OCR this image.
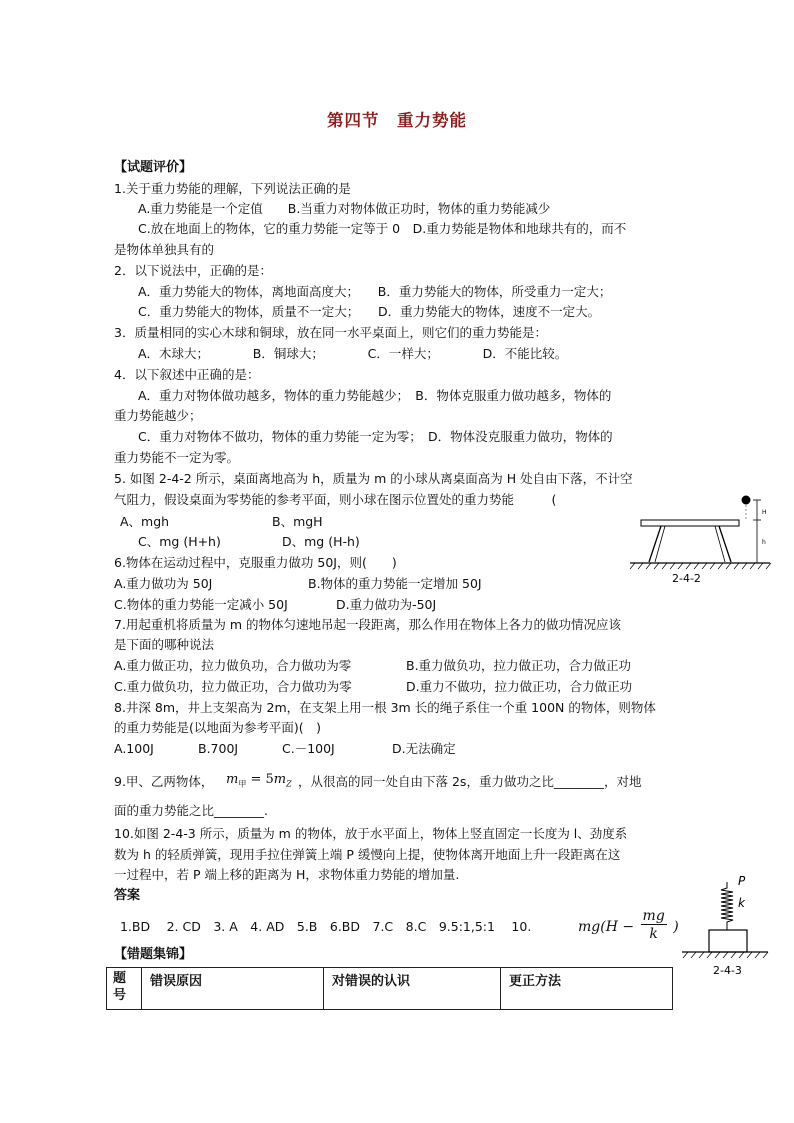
第四节　重力势能
【试题评价】
1.关于重力势能的理解，下列说法正确的是
A.重力势能是一个定值　　B.当重力对物体做正功时，物体的重力势能减少
C.放在地面上的物体，它的重力势能一定等于 0　D.重力势能是物体和地球共有的，而不
是物体单独具有的
2．以下说法中，正确的是：
A．重力势能大的物体，离地面高度大；　　B．重力势能大的物体，所受重力一定大；
C．重力势能大的物体，质量不一定大；　　D．重力势能大的物体，速度不一定大。
3．质量相同的实心木球和铜球，放在同一水平桌面上，则它们的重力势能是：
A．木球大；　　　　B．铜球大；　　　　C．一样大；　　　　D．不能比较。
4．以下叙述中正确的是：
A．重力对物体做功越多，物体的重力势能越少；　B．物体克服重力做功越多，物体的
重力势能越少；
C．重力对物体不做功，物体的重力势能一定为零；　D．物体没克服重力做功，物体的
重力势能不一定为零。
5. 如图 2-4-2 所示，桌面离地高为 h，质量为 m 的小球从离桌面高为 H 处自由下落，不计空
气阻力，假设桌面为零势能的参考平面，则小球在图示位置处的重力势能　　　(
A、mgh	B、mgH
C、mg (H+h)	D、mg (H-h)
6.物体在运动过程中，克服重力做功 50J，则(　　)
A.重力做功为 50J	B.物体的重力势能一定增加 50J
C.物体的重力势能一定减小 50J	D.重力做功为-50J
7.用起重机将质量为 m 的物体匀速地吊起一段距离，那么作用在物体上各力的做功情况应该
是下面的哪种说法
A.重力做正功，拉力做负功，合力做功为零	B.重力做负功，拉力做正功，合力做正功
C.重力做负功，拉力做正功，合力做功为零	D.重力不做功，拉力做正功，合力做正功
8.井深 8m，井上支架高为 2m，在支架上用一根 3m 长的绳子系住一个重 100N 的物体，则物体
的重力势能是(以地面为参考平面)(　)
A.100J	B.700J	C.－100J	D.无法确定
9.甲、乙两物体， $m_甲 = 5m_Z$ ，从很高的同一处自由下落 2s，重力做功之比________，对地
面的重力势能之比________.
10.如图 2-4-3 所示，质量为 m 的物体，放于水平面上，物体上竖直固定一长度为 l、劲度系
数为 h 的轻质弹簧，现用手拉住弹簧上端 P 缓慢向上提，使物体离开地面上升一段距离在这
一过程中，若 P 端上移的距离为 H，求物体重力势能的增加量.
答案
1.BD　 2. CD　3. A　4. AD　5.B　6.BD　7.C　8.C　9.5:1,5:1　 10.	$mg(H - \frac{mg}{k}$ )
【错题集锦】
题号	错误原因	对错误的认识	更正方法
H
h
2-4-2
P
k
2-4-3
